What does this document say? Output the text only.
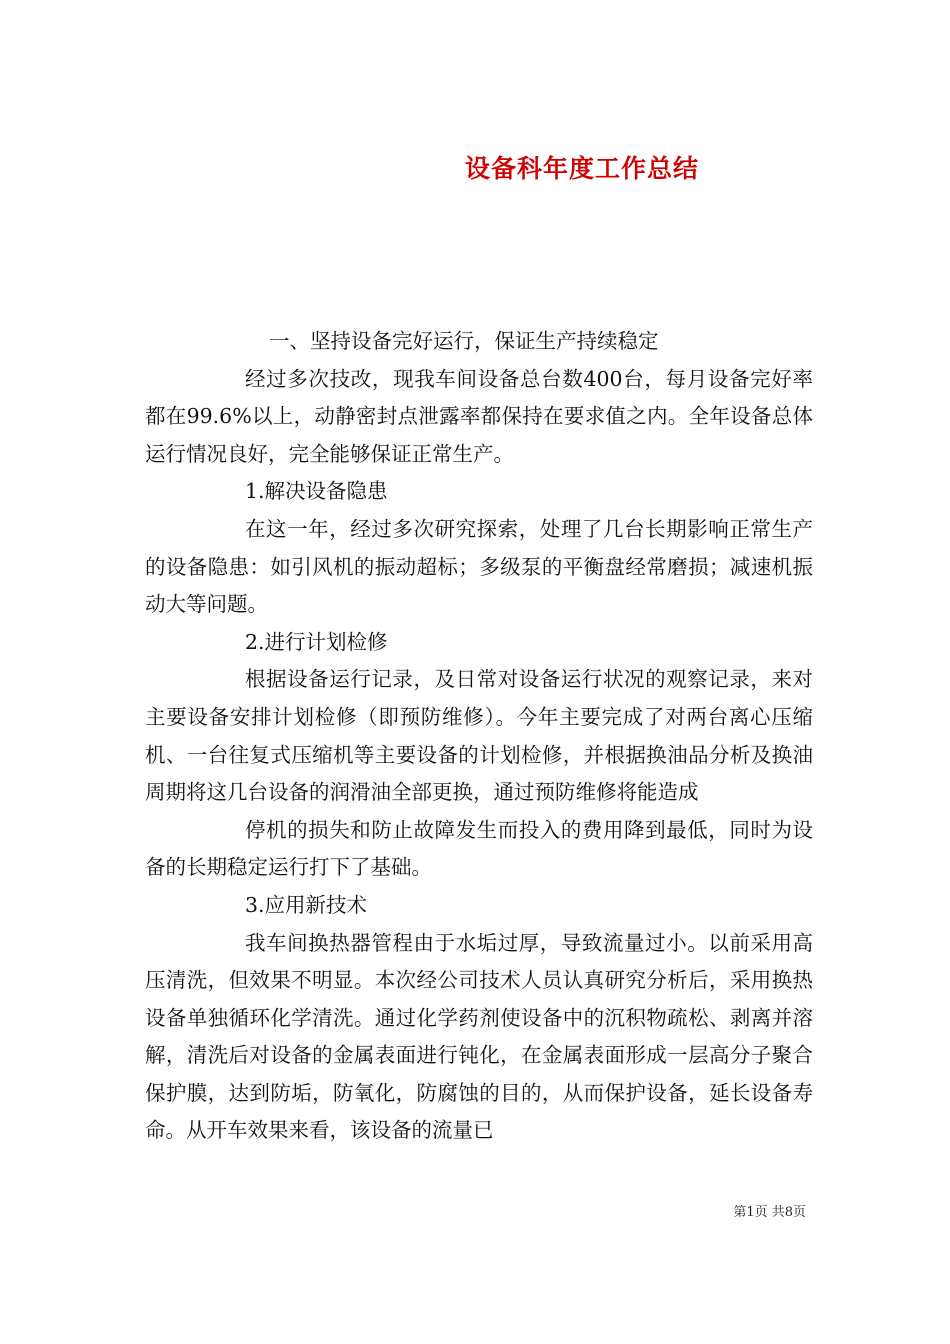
设备科年度工作总结

一、坚持设备完好运行，保证生产持续稳定

经过多次技改，现我车间设备总台数400台，每月设备完好率都在99.6%以上，动静密封点泄露率都保持在要求值之内。全年设备总体运行情况良好，完全能够保证正常生产。

1.解决设备隐患

在这一年，经过多次研究探索，处理了几台长期影响正常生产的设备隐患：如引风机的振动超标；多级泵的平衡盘经常磨损；减速机振动大等问题。

2.进行计划检修

根据设备运行记录，及日常对设备运行状况的观察记录，来对主要设备安排计划检修（即预防维修）。今年主要完成了对两台离心压缩机、一台往复式压缩机等主要设备的计划检修，并根据换油品分析及换油周期将这几台设备的润滑油全部更换，通过预防维修将能造成

停机的损失和防止故障发生而投入的费用降到最低，同时为设备的长期稳定运行打下了基础。

3.应用新技术

我车间换热器管程由于水垢过厚，导致流量过小。以前采用高压清洗，但效果不明显。本次经公司技术人员认真研究分析后，采用换热设备单独循环化学清洗。通过化学药剂使设备中的沉积物疏松、剥离并溶解，清洗后对设备的金属表面进行钝化，在金属表面形成一层高分子聚合保护膜，达到防垢，防氧化，防腐蚀的目的，从而保护设备，延长设备寿命。从开车效果来看，该设备的流量已

第1页 共8页
